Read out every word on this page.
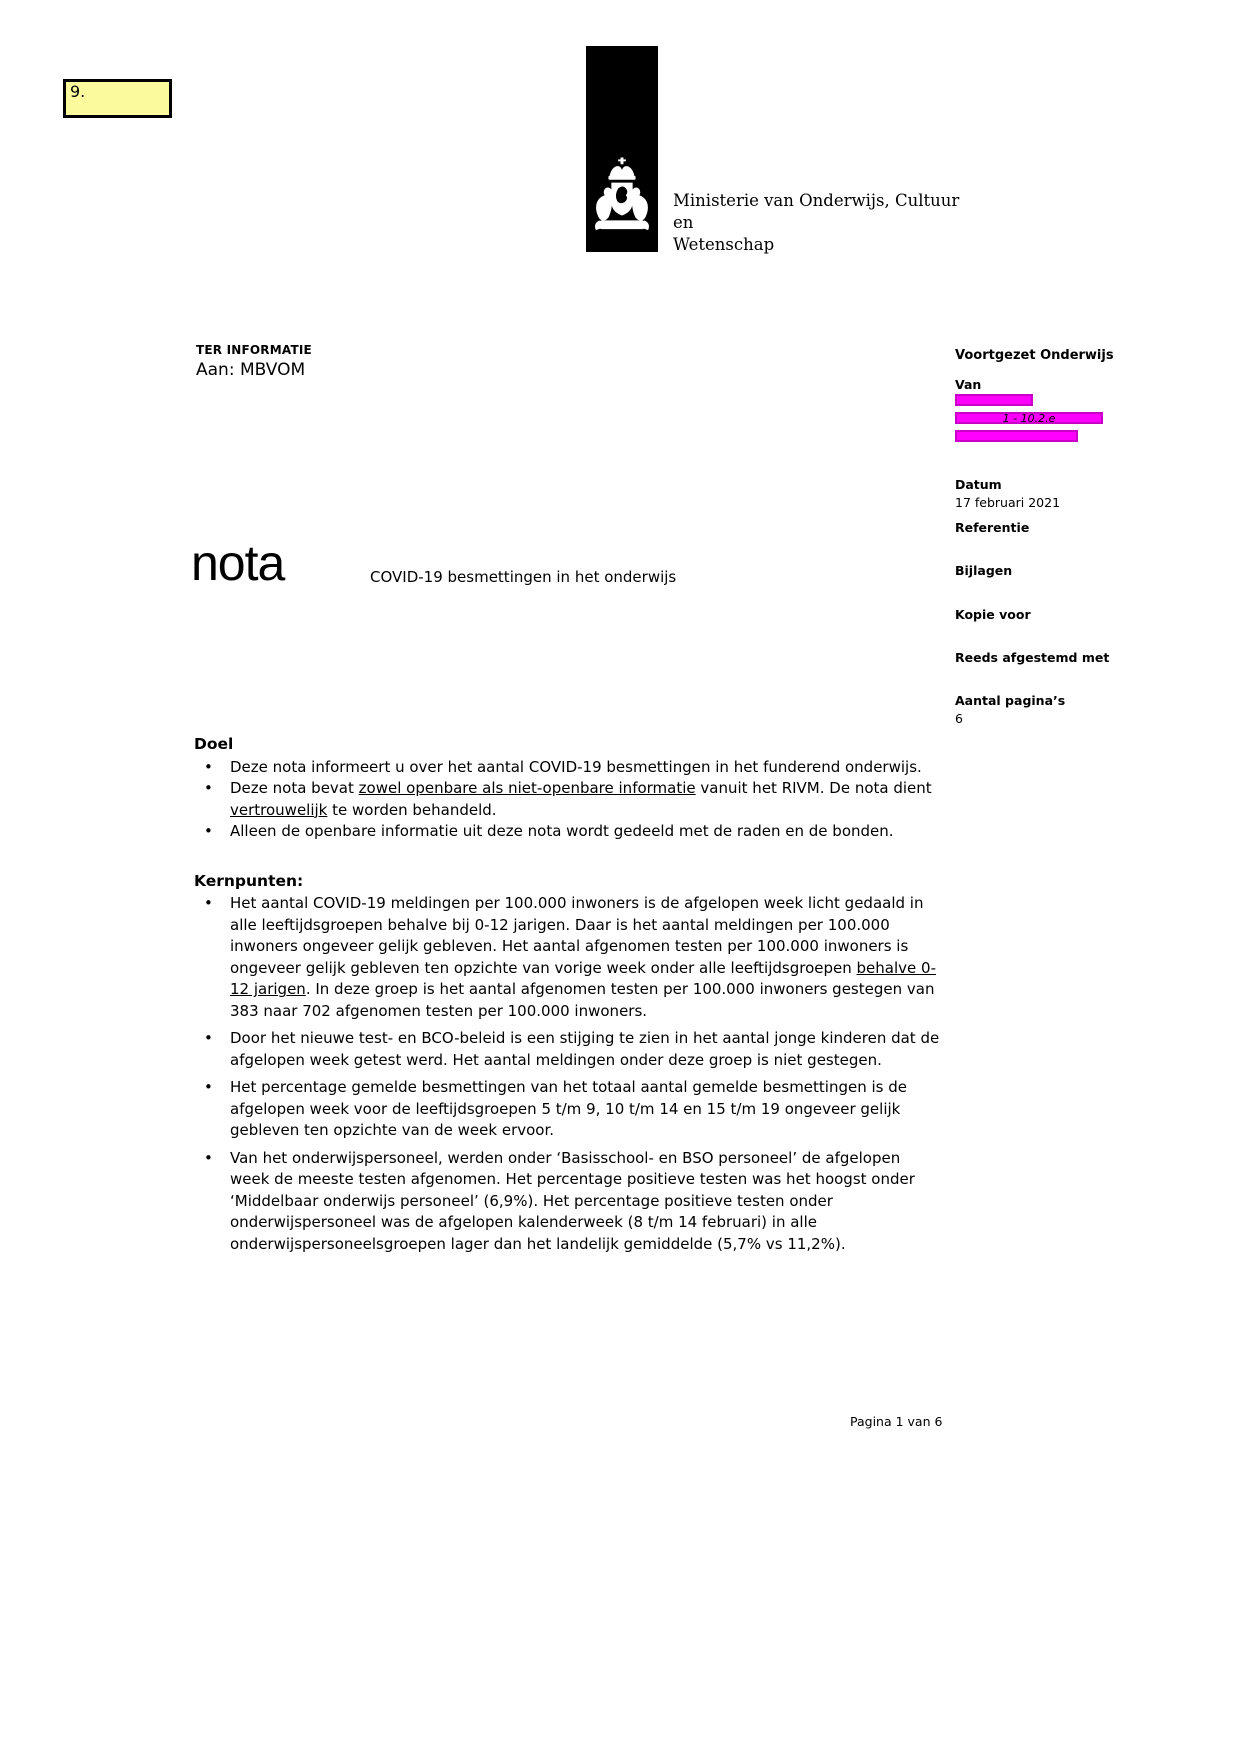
9.
Ministerie van Onderwijs, Cultuur en
Wetenschap
TER INFORMATIE
Aan: MBVOM
Voortgezet Onderwijs
Van
1 - 10.2.e
Datum
17 februari 2021
Referentie
Bijlagen
Kopie voor
Reeds afgestemd met
Aantal pagina’s
6
nota	COVID-19 besmettingen in het onderwijs
Doel
• Deze nota informeert u over het aantal COVID-19 besmettingen in het funderend onderwijs.
• Deze nota bevat zowel openbare als niet-openbare informatie vanuit het RIVM. De nota dient vertrouwelijk te worden behandeld.
• Alleen de openbare informatie uit deze nota wordt gedeeld met de raden en de bonden.
Kernpunten:
• Het aantal COVID-19 meldingen per 100.000 inwoners is de afgelopen week licht gedaald in alle leeftijdsgroepen behalve bij 0-12 jarigen. Daar is het aantal meldingen per 100.000 inwoners ongeveer gelijk gebleven. Het aantal afgenomen testen per 100.000 inwoners is ongeveer gelijk gebleven ten opzichte van vorige week onder alle leeftijdsgroepen behalve 0-12 jarigen. In deze groep is het aantal afgenomen testen per 100.000 inwoners gestegen van 383 naar 702 afgenomen testen per 100.000 inwoners.
• Door het nieuwe test- en BCO-beleid is een stijging te zien in het aantal jonge kinderen dat de afgelopen week getest werd. Het aantal meldingen onder deze groep is niet gestegen.
• Het percentage gemelde besmettingen van het totaal aantal gemelde besmettingen is de afgelopen week voor de leeftijdsgroepen 5 t/m 9, 10 t/m 14 en 15 t/m 19 ongeveer gelijk gebleven ten opzichte van de week ervoor.
• Van het onderwijspersoneel, werden onder ‘Basisschool- en BSO personeel’ de afgelopen week de meeste testen afgenomen. Het percentage positieve testen was het hoogst onder ‘Middelbaar onderwijs personeel’ (6,9%). Het percentage positieve testen onder onderwijspersoneel was de afgelopen kalenderweek (8 t/m 14 februari) in alle onderwijspersoneelsgroepen lager dan het landelijk gemiddelde (5,7% vs 11,2%).
Pagina 1 van 6
